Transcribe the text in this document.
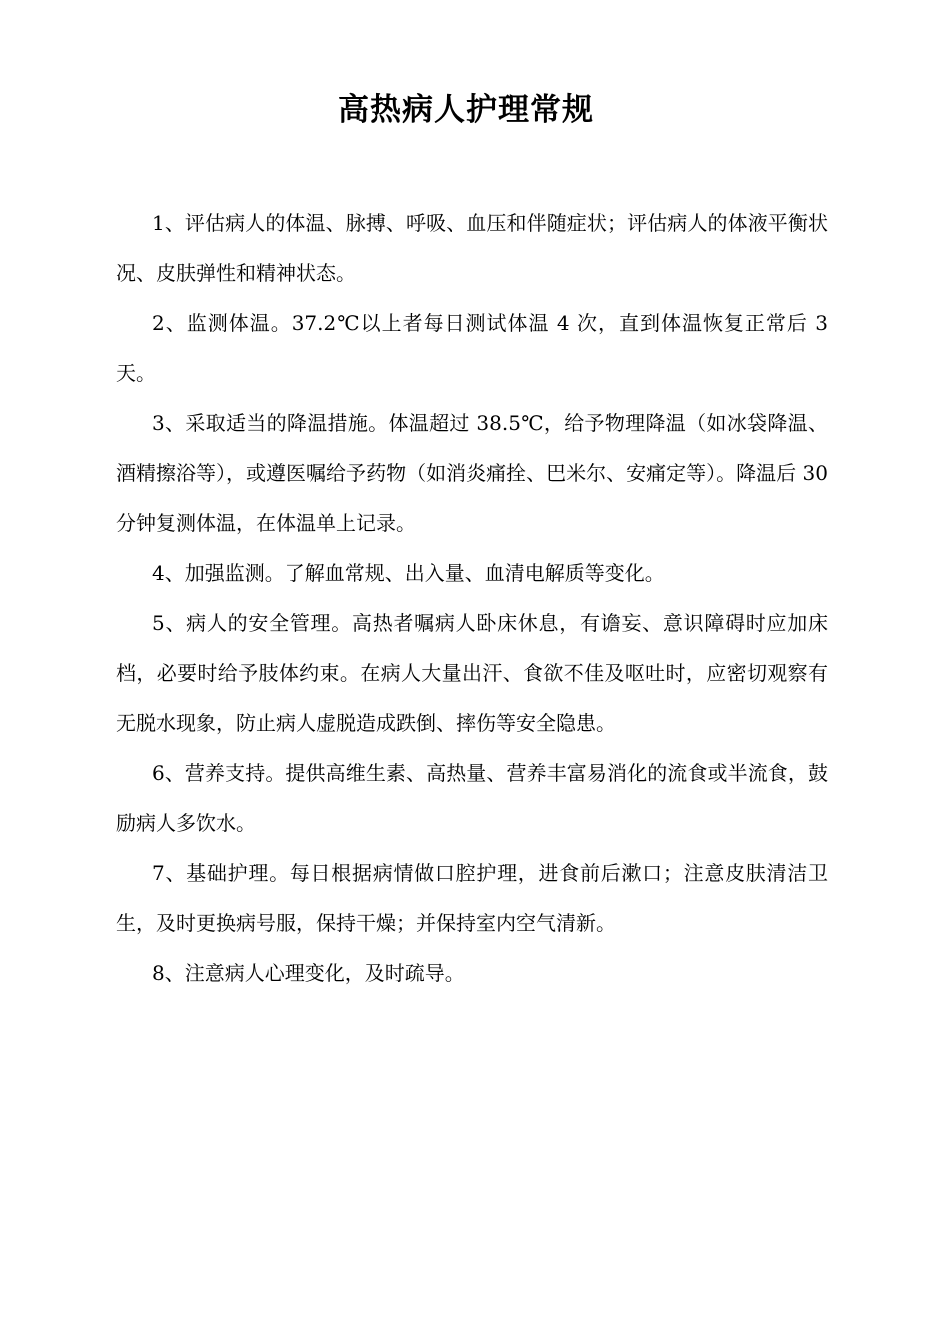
高热病人护理常规

1、评估病人的体温、脉搏、呼吸、血压和伴随症状；评估病人的体液平衡状况、皮肤弹性和精神状态。

2、监测体温。37.2℃以上者每日测试体温 4 次，直到体温恢复正常后 3 天。

3、采取适当的降温措施。体温超过 38.5℃，给予物理降温（如冰袋降温、酒精擦浴等），或遵医嘱给予药物（如消炎痛拴、巴米尔、安痛定等）。降温后 30 分钟复测体温，在体温单上记录。

4、加强监测。了解血常规、出入量、血清电解质等变化。

5、病人的安全管理。高热者嘱病人卧床休息，有谵妄、意识障碍时应加床档，必要时给予肢体约束。在病人大量出汗、食欲不佳及呕吐时，应密切观察有无脱水现象，防止病人虚脱造成跌倒、摔伤等安全隐患。

6、营养支持。提供高维生素、高热量、营养丰富易消化的流食或半流食，鼓励病人多饮水。

7、基础护理。每日根据病情做口腔护理，进食前后漱口；注意皮肤清洁卫生，及时更换病号服，保持干燥；并保持室内空气清新。

8、注意病人心理变化，及时疏导。
